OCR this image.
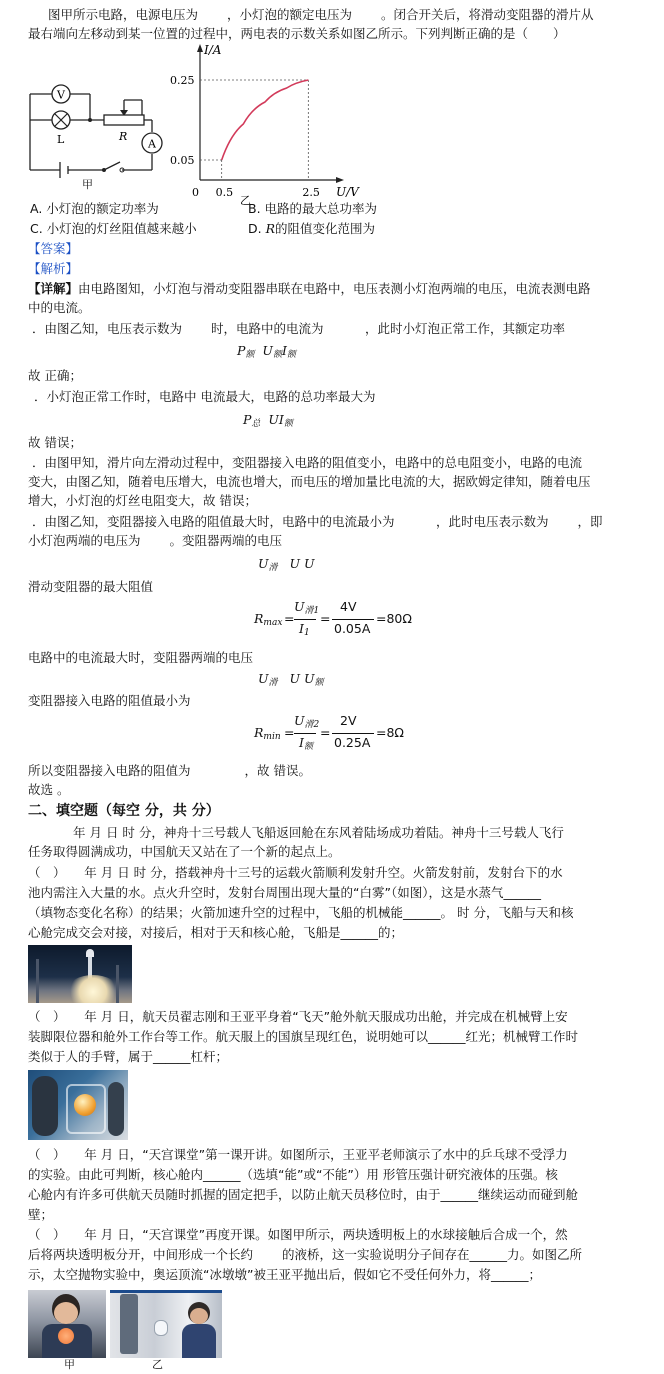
图甲所示电路，电源电压为 　　，小灯泡的额定电压为 　　。闭合开关后，将滑动变阻器的滑片从
最右端向左移动到某一位置的过程中，两电表的示数关系如图乙所示。下列判断正确的是（　　）
V
L	R
A
甲
I/A
U/V
0 0.5	2.5
0.05
0.25
乙
A. 小灯泡的额定功率为	B. 电路的最大总功率为
C. 小灯泡的灯丝阻值越来越小	D. R的阻值变化范围为
【答案】
【解析】
【详解】由电路图知，小灯泡与滑动变阻器串联在电路中，电压表测小灯泡两端的电压，电流表测电路
中的电流。
．由图乙知，电压表示数为 　　时，电路中的电流为 　　　，此时小灯泡正常工作，其额定功率
$P_额$ $U_额I_额$
故 正确；
．小灯泡正常工作时，电路中 电流最大，电路的总功率最大为
$P_总$ $UI_额$
故 错误；
．由图甲知，滑片向左滑动过程中，变阻器接入电路的阻值变小，电路中的总电阻变小，电路的电流
变大，由图乙知，随着电压增大，电流也增大，而电压的增加量比电流的大，据欧姆定律知，随着电压
增大，小灯泡的灯丝电阻变大，故 错误；
．由图乙知，变阻器接入电路的阻值最大时，电路中的电流最小为 　　　，此时电压表示数为 　　，即
小灯泡两端的电压为 　　。变阻器两端的电压
$U_滑$ U U
滑动变阻器的最大阻值
$R_{max}$ =
$U_{滑1}$
$I_1$
=
4V
0.05A
=80Ω
电路中的电流最大时，变阻器两端的电压
$U_滑$ U $U_额$
变阻器接入电路的阻值最小为
$R_{min}$ =
$U_{滑2}$
$I_额$
=
2V
0.25A
=8Ω
所以变阻器接入电路的阻值为 　　　　，故 错误。
故选 。
二、填空题（每空 分，共 分）
　　年 月 日 时 分，神舟十三号载人飞船返回舱在东风着陆场成功着陆。神舟十三号载人飞行
任务取得圆满成功，中国航天又站在了一个新的起点上。
（　）　　年 月 日 时 分，搭载神舟十三号的运载火箭顺利发射升空。火箭发射前，发射台下的水
池内需注入大量的水。点火升空时，发射台周围出现大量的“白雾”（如图），这是水蒸气______
（填物态变化名称）的结果；火箭加速升空的过程中，飞船的机械能______。 时 分，飞船与天和核
心舱完成交会对接，对接后，相对于天和核心舱，飞船是______的；
（　）　　年 月 日，航天员翟志刚和王亚平身着“飞天”舱外航天服成功出舱，并完成在机械臂上安
装脚限位器和舱外工作台等工作。航天服上的国旗呈现红色，说明她可以______红光；机械臂工作时
类似于人的手臂，属于______杠杆；
（　）　　年 月 日，“天宫课堂”第一课开讲。如图所示，王亚平老师演示了水中的乒乓球不受浮力
的实验。由此可判断，核心舱内______（选填“能”或“不能”）用 形管压强计研究液体的压强。核
心舱内有许多可供航天员随时抓握的固定把手，以防止航天员移位时，由于______继续运动而碰到舱
壁；
（　）　　年 月 日，“天宫课堂”再度开课。如图甲所示，两块透明板上的水球接触后合成一个，然
后将两块透明板分开，中间形成一个长约 　　的液桥，这一实验说明分子间存在______力。如图乙所
示，太空抛物实验中，奥运顶流“冰墩墩”被王亚平抛出后，假如它不受任何外力，将______；
甲	乙
